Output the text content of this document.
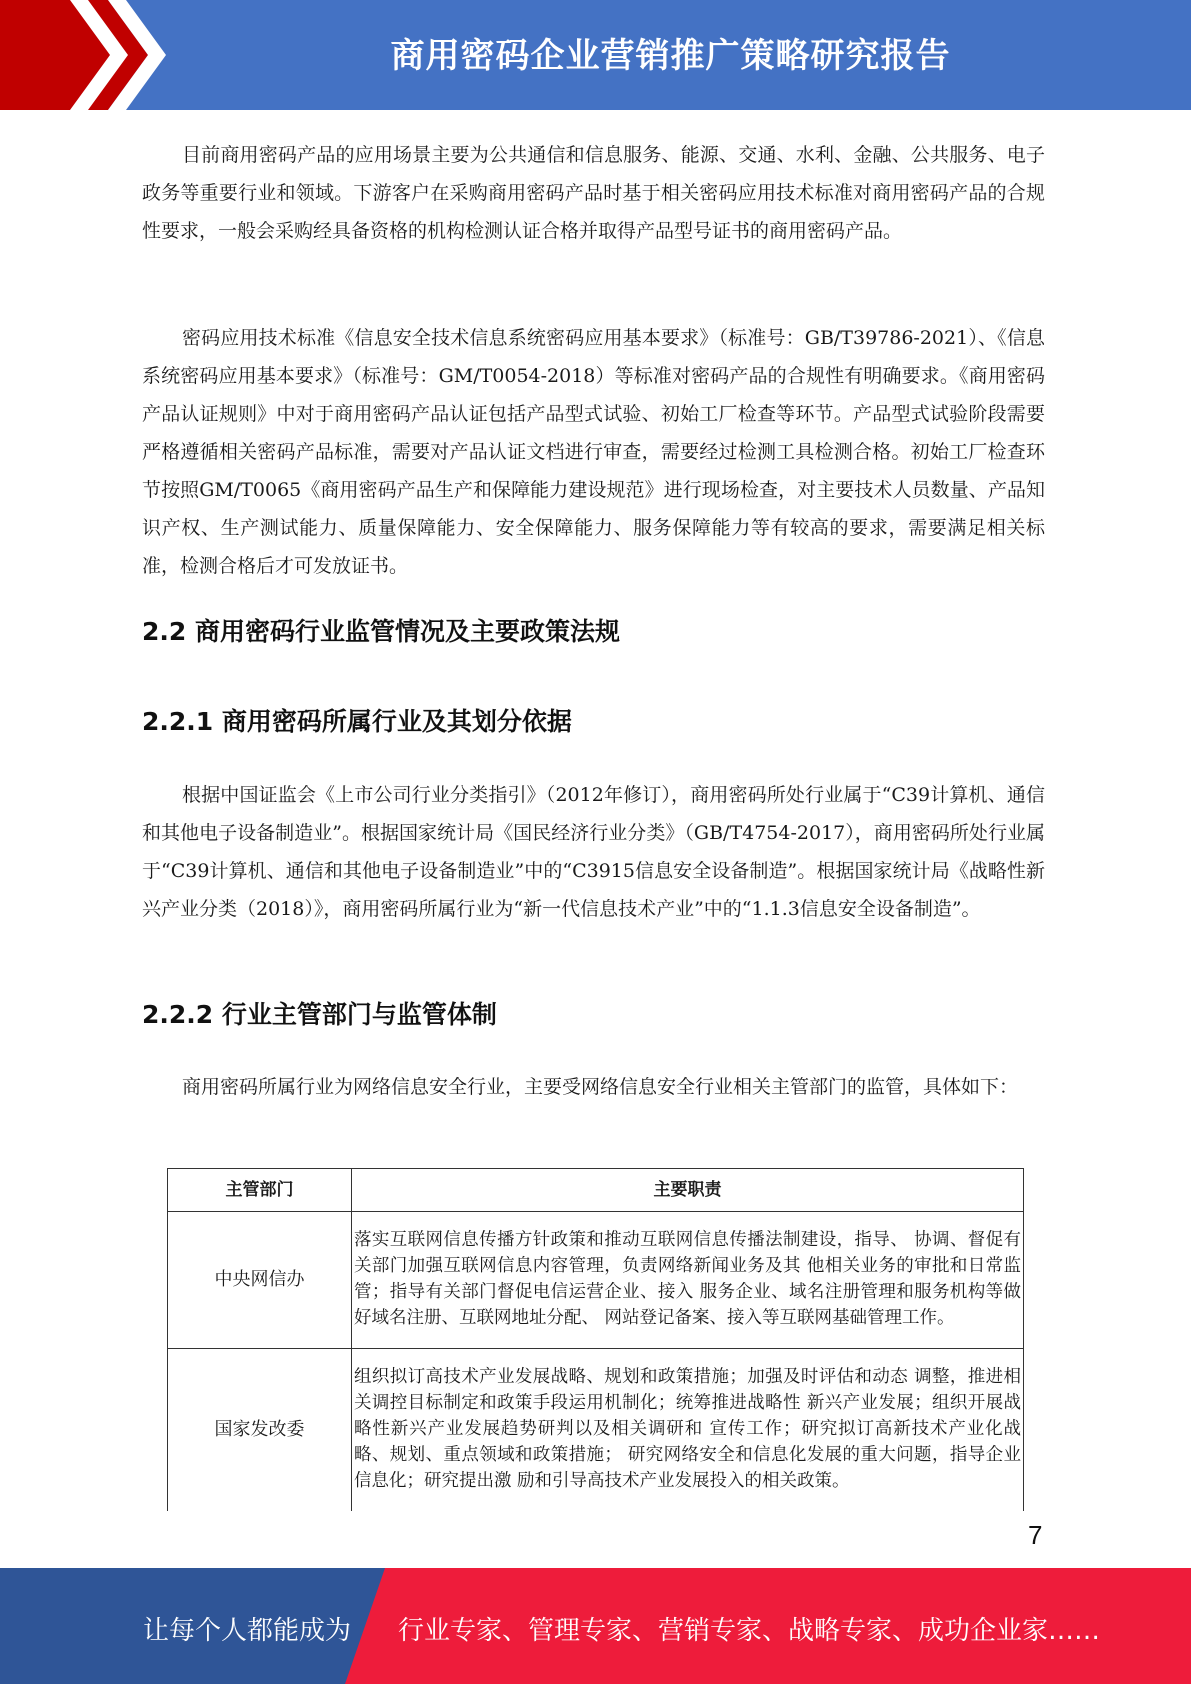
商用密码企业营销推广策略研究报告

目前商用密码产品的应用场景主要为公共通信和信息服务、能源、交通、水利、金融、公共服务、电子政务等重要行业和领域。下游客户在采购商用密码产品时基于相关密码应用技术标准对商用密码产品的合规性要求，一般会采购经具备资格的机构检测认证合格并取得产品型号证书的商用密码产品。

密码应用技术标准《信息安全技术信息系统密码应用基本要求》（标准号：GB/T39786-2021）、《信息系统密码应用基本要求》（标准号：GM/T0054-2018）等标准对密码产品的合规性有明确要求。《商用密码产品认证规则》中对于商用密码产品认证包括产品型式试验、初始工厂检查等环节。产品型式试验阶段需要严格遵循相关密码产品标准，需要对产品认证文档进行审查，需要经过检测工具检测合格。初始工厂检查环节按照GM/T0065《商用密码产品生产和保障能力建设规范》进行现场检查，对主要技术人员数量、产品知识产权、生产测试能力、质量保障能力、安全保障能力、服务保障能力等有较高的要求，需要满足相关标准，检测合格后才可发放证书。

2.2 商用密码行业监管情况及主要政策法规
2.2.1 商用密码所属行业及其划分依据

根据中国证监会《上市公司行业分类指引》（2012年修订），商用密码所处行业属于“C39计算机、通信和其他电子设备制造业”。根据国家统计局《国民经济行业分类》（GB/T4754-2017），商用密码所处行业属于“C39计算机、通信和其他电子设备制造业”中的“C3915信息安全设备制造”。根据国家统计局《战略性新兴产业分类（2018）》，商用密码所属行业为“新一代信息技术产业”中的“1.1.3信息安全设备制造”。

2.2.2 行业主管部门与监管体制

商用密码所属行业为网络信息安全行业，主要受网络信息安全行业相关主管部门的监管，具体如下：

主管部门	主要职责
中央网信办	落实互联网信息传播方针政策和推动互联网信息传播法制建设，指导、 协调、督促有关部门加强互联网信息内容管理，负责网络新闻业务及其 他相关业务的审批和日常监管；指导有关部门督促电信运营企业、接入 服务企业、域名注册管理和服务机构等做好域名注册、互联网地址分配、 网站登记备案、接入等互联网基础管理工作。
国家发改委	组织拟订高技术产业发展战略、规划和政策措施；加强及时评估和动态 调整，推进相关调控目标制定和政策手段运用机制化；统筹推进战略性 新兴产业发展；组织开展战略性新兴产业发展趋势研判以及相关调研和 宣传工作；研究拟订高新技术产业化战略、规划、重点领域和政策措施； 研究网络安全和信息化发展的重大问题，指导企业信息化；研究提出激 励和引导高技术产业发展投入的相关政策。
7
让每个人都能成为 行业专家、管理专家、营销专家、战略专家、成功企业家……
